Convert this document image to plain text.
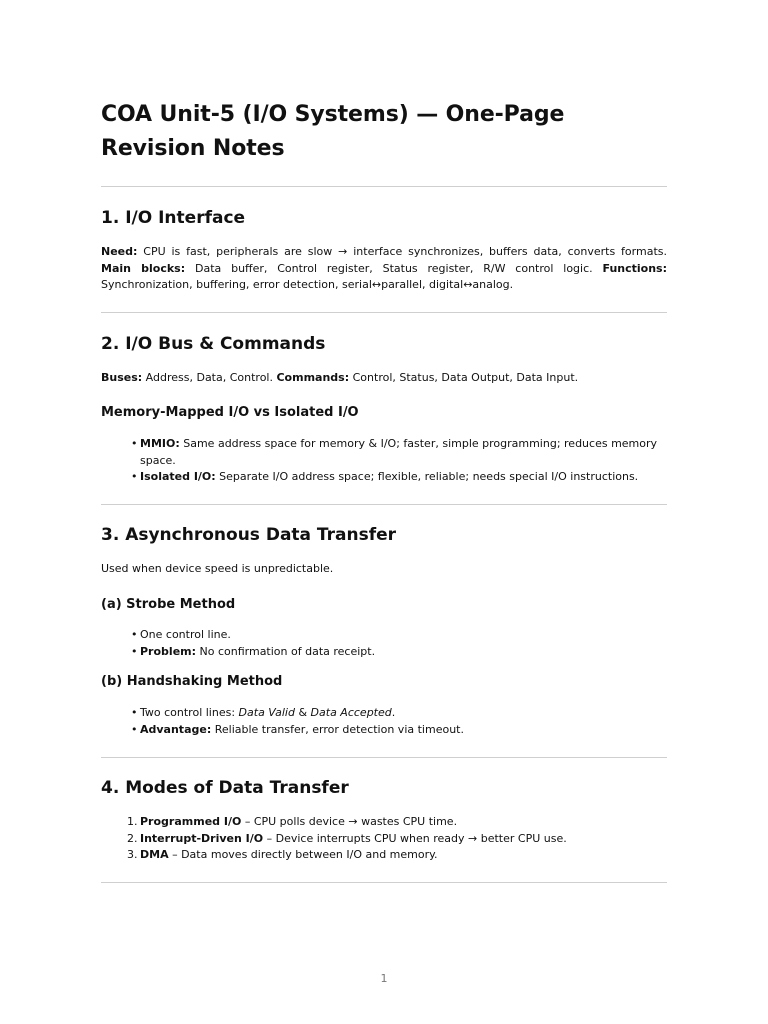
COA Unit-5 (I/O Systems) — One-Page Revision Notes
1. I/O Interface

Need: CPU is fast, peripherals are slow → interface synchronizes, buffers data, converts formats. Main blocks: Data buffer, Control register, Status register, R/W control logic. Functions: Synchronization, buffering, error detection, serial↔parallel, digital↔analog.

2. I/O Bus & Commands

Buses: Address, Data, Control. Commands: Control, Status, Data Output, Data Input.

Memory-Mapped I/O vs Isolated I/O
• MMIO: Same address space for memory & I/O; faster, simple programming; reduces memory space.
• Isolated I/O: Separate I/O address space; flexible, reliable; needs special I/O instructions.
3. Asynchronous Data Transfer

Used when device speed is unpredictable.

(a) Strobe Method
• One control line.
• Problem: No confirmation of data receipt.
(b) Handshaking Method
• Two control lines: Data Valid & Data Accepted.
• Advantage: Reliable transfer, error detection via timeout.
4. Modes of Data Transfer
1. Programmed I/O – CPU polls device → wastes CPU time.
2. Interrupt-Driven I/O – Device interrupts CPU when ready → better CPU use.
3. DMA – Data moves directly between I/O and memory.
1
